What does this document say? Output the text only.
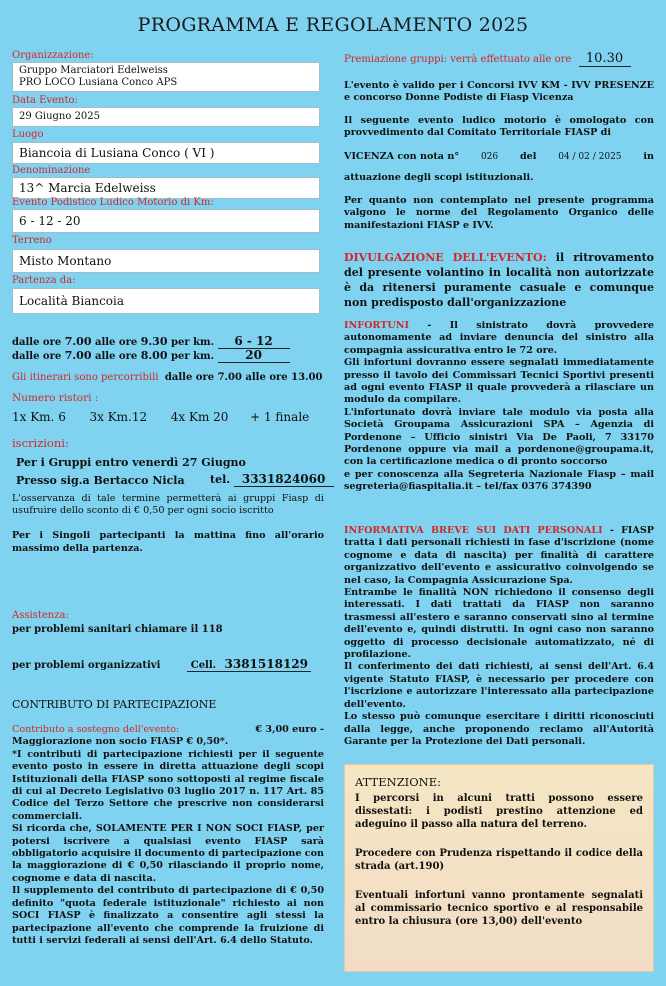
PROGRAMMA E REGOLAMENTO 2025
Organizzazione:
Gruppo Marciatori Edelweiss
PRO LOCO Lusiana Conco APS
Data Evento:
29 Giugno 2025
Luogo
Biancoia di Lusiana Conco ( VI )
Denominazione
13^ Marcia Edelweiss
Evento Podistico Ludico Motorio di Km:
6 - 12 - 20
Terreno
Misto Montano
Partenza da:
Località Biancoia
dalle ore 7.00 alle ore 9.30 per km. 6 - 12
dalle ore 7.00 alle ore 8.00 per km.	20
Gli itinerari sono percorribili dalle ore 7.00 alle ore 13.00
Numero ristori :
1x Km. 6 3x Km.12 4x Km 20 + 1 finale
iscrizioni:
Per i Gruppi entro venerdì 27 Giugno
Presso sig.a Bertacco Nicla tel. 3331824060
L'osservanza di tale termine permetterà ai gruppi Fiasp di usufruire dello sconto di € 0,50 per ogni socio iscritto
Per i Singoli partecipanti la mattina fino all'orario massimo della partenza.
Assistenza:
per problemi sanitari chiamare il 118
per problemi organizzativi	Cell. 3381518129
CONTRIBUTO DI PARTECIPAZIONE

Contributo a sostegno dell'evento:	€ 3,00 euro -

Maggiorazione non socio FIASP € 0,50*.

*I contributi di partecipazione richiesti per il seguente evento posto in essere in diretta attuazione degli scopi Istituzionali della FIASP sono sottoposti al regime fiscale di cui al Decreto Legislativo 03 luglio 2017 n. 117 Art. 85 Codice del Terzo Settore che prescrive non considerarsi commerciali.

Si ricorda che, SOLAMENTE PER I NON SOCI FIASP, per potersi iscrivere a qualsiasi evento FIASP sarà obbligatorio acquisire il documento di partecipazione con la maggiorazione di € 0,50 rilasciando il proprio nome, cognome e data di nascita.

Il supplemento del contributo di partecipazione di € 0,50 definito "quota federale istituzionale" richiesto ai non SOCI FIASP è finalizzato a consentire agli stessi la partecipazione all'evento che comprende la fruizione di tutti i servizi federali ai sensi dell'Art. 6.4 dello Statuto.

Premiazione gruppi: verrà effettuato alle ore 10.30
L'evento è valido per i Concorsi IVV KM - IVV PRESENZE e concorso Donne Podiste di Fiasp Vicenza
Il seguente evento ludico motorio è omologato con provvedimento dal Comitato Territoriale FIASP di
VICENZA con nota n° 026 del 04 / 02 / 2025 in
attuazione degli scopi istituzionali.
Per quanto non contemplato nel presente programma valgono le norme del Regolamento Organico delle manifestazioni FIASP e IVV.
DIVULGAZIONE DELL'EVENTO: il ritrovamento del presente volantino in località non autorizzate è da ritenersi puramente casuale e comunque non predisposto dall'organizzazione

INFORTUNI - Il sinistrato dovrà provvedere autonomamente ad inviare denuncia del sinistro alla compagnia assicurativa entro le 72 ore.

Gli infortuni dovranno essere segnalati immediatamente presso il tavolo dei Commissari Tecnici Sportivi presenti ad ogni evento FIASP il quale provvederà a rilasciare un modulo da compilare.

L'infortunato dovrà inviare tale modulo via posta alla Società Groupama Assicurazioni SPA – Agenzia di Pordenone – Ufficio sinistri Via De Paoli, 7 33170 Pordenone oppure via mail a pordenone@groupama.it, con la certificazione medica o di pronto soccorso

e per conoscenza alla Segreteria Nazionale Fiasp – mail segreteria@fiaspitalia.it – tel/fax 0376 374390

INFORMATIVA BREVE SUI DATI PERSONALI - FIASP tratta i dati personali richiesti in fase d'iscrizione (nome cognome e data di nascita) per finalità di carattere organizzativo dell'evento e assicurativo coinvolgendo se nel caso, la Compagnia Assicurazione Spa.

Entrambe le finalità NON richiedono il consenso degli interessati. I dati trattati da FIASP non saranno trasmessi all'estero e saranno conservati sino al termine dell'evento e, quindi distrutti. In ogni caso non saranno oggetto di processo decisionale automatizzato, né di profilazione.

Il conferimento dei dati richiesti, ai sensi dell'Art. 6.4 vigente Statuto FIASP, è necessario per procedere con l'iscrizione e autorizzare l'interessato alla partecipazione dell'evento.

Lo stesso può comunque esercitare i diritti riconosciuti dalla legge, anche proponendo reclamo all'Autorità Garante per la Protezione dei Dati personali.

ATTENZIONE:
I percorsi in alcuni tratti possono essere dissestati: i podisti prestino attenzione ed adeguino il passo alla natura del terreno.
Procedere con Prudenza rispettando il codice della strada (art.190)
Eventuali infortuni vanno prontamente segnalati al commissario tecnico sportivo e al responsabile entro la chiusura (ore 13,00) dell'evento
